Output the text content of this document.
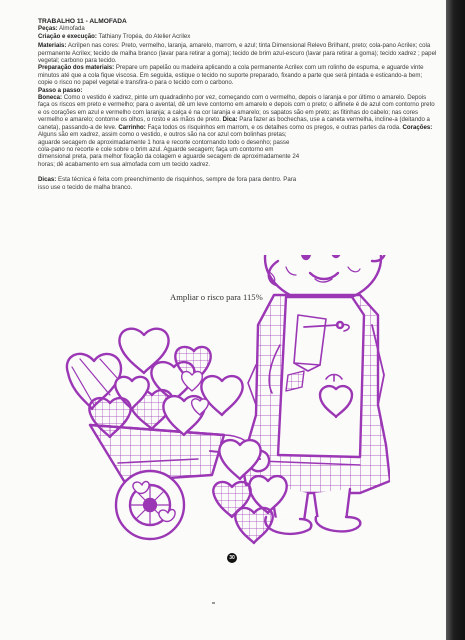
TRABALHO 11 - ALMOFADA

Peças: Almofada

Criação e execução: Tathiany Tropéa, do Atelier Acrilex

Materiais: Acrilpen nas cores: Preto, vermelho, laranja, amarelo, marrom, e azul; tinta Dimensional Relevo Brilhant, preto; cola-pano Acrilex; cola permanente Acrilex; tecido de malha branco (lavar para retirar a goma); tecido de brim azul-escuro (lavar para retirar a goma); tecido xadrez ; papel vegetal; carbono para tecido.

Preparação dos materiais: Prepare um papelão ou madeira aplicando a cola permanente Acrilex com um rolinho de espuma, e aguarde vinte minutos até que a cola fique viscosa. Em seguida, estique o tecido no suporte preparado, fixando a parte que será pintada e esticando-a bem; copie o risco no papel vegetal e transfira-o para o tecido com o carbono.

Passo a passo:

Boneca: Como o vestido é xadrez, pinte um quadradinho por vez, começando com o vermelho, depois o laranja e por último o amarelo. Depois faça os riscos em preto e vermelho; para o avental, dê um leve contorno em amarelo e depois com o preto; o alfinete é de azul com contorno preto e os corações em azul e vermelho com laranja; a calça é na cor laranja e amarelo; os sapatos são em preto; as fitinhas do cabelo; nas cores vermelho e amarelo; contorne os olhos, o rosto e as mãos de preto. Dica: Para fazer as bochechas, use a caneta vermelha, incline-a (deitando a caneta), passando-a de leve. Carrinho: Faça todos os risquinhos em marrom, e os detalhes como os pregos, e outras partes da roda. Corações:

Alguns são em xadrez, assim como o vestido, e outros são na cor azul com bolinhas pretas; aguarde secagem de aproximadamente 1 hora e recorte contornando todo o desenho; passe cola-pano no recorte e cole sobre o brim azul. Aguarde secagem; faça um contorno em dimensional preta, para melhor fixação da colagem e aguarde secagem de aproximadamente 24 horas; dê acabamento em sua almofada com um tecido xadrez.

Dicas: Esta técnica é feita com preenchimento de risquinhos, sempre de fora para dentro. Para isso use o tecido de malha branco.

Ampliar o risco para 115%
30
